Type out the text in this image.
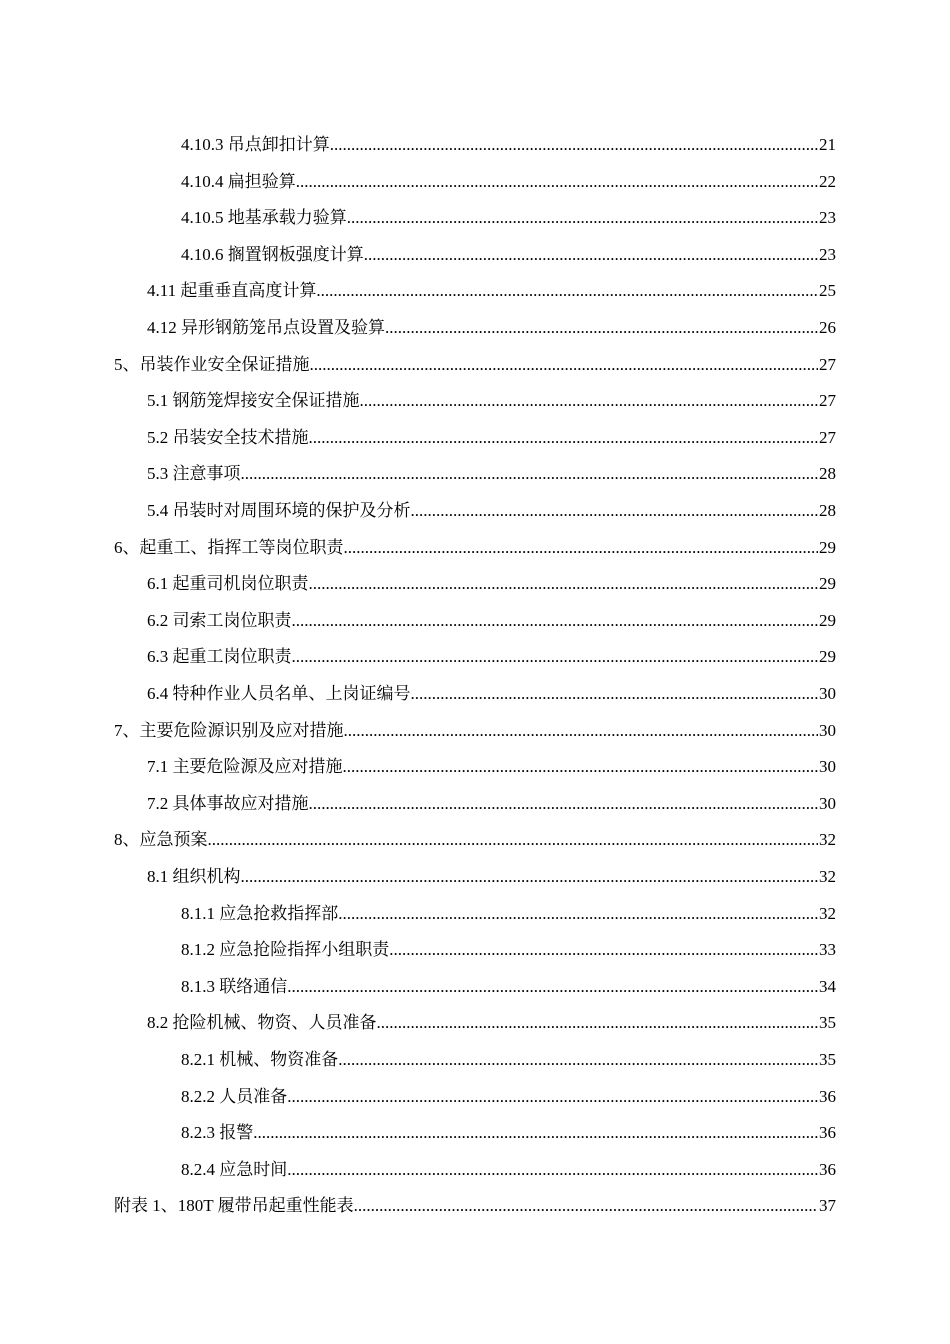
4.10.3 吊点卸扣计算 .....	21
4.10.4 扁担验算 .....	22
4.10.5 地基承载力验算 .....	23
4.10.6 搁置钢板强度计算 .....	23
4.11 起重垂直高度计算 .....	25
4.12 异形钢筋笼吊点设置及验算 .....	26
5、吊装作业安全保证措施 .....	27
5.1 钢筋笼焊接安全保证措施 .....	27
5.2 吊装安全技术措施 .....	27
5.3 注意事项 .....	28
5.4 吊装时对周围环境的保护及分析 .....	28
6、起重工、指挥工等岗位职责 .....	29
6.1 起重司机岗位职责 .....	29
6.2 司索工岗位职责 .....	29
6.3 起重工岗位职责 .....	29
6.4 特种作业人员名单、上岗证编号 .....	30
7、主要危险源识别及应对措施 .....	30
7.1 主要危险源及应对措施 .....	30
7.2 具体事故应对措施 .....	30
8、应急预案 .....	32
8.1 组织机构 .....	32
8.1.1 应急抢救指挥部 .....	32
8.1.2 应急抢险指挥小组职责 .....	33
8.1.3 联络通信 .....	34
8.2 抢险机械、物资、人员准备 .....	35
8.2.1 机械、物资准备 .....	35
8.2.2 人员准备 .....	36
8.2.3 报警 .....	36
8.2.4 应急时间 .....	36
附表 1、180T 履带吊起重性能表 .....	37
